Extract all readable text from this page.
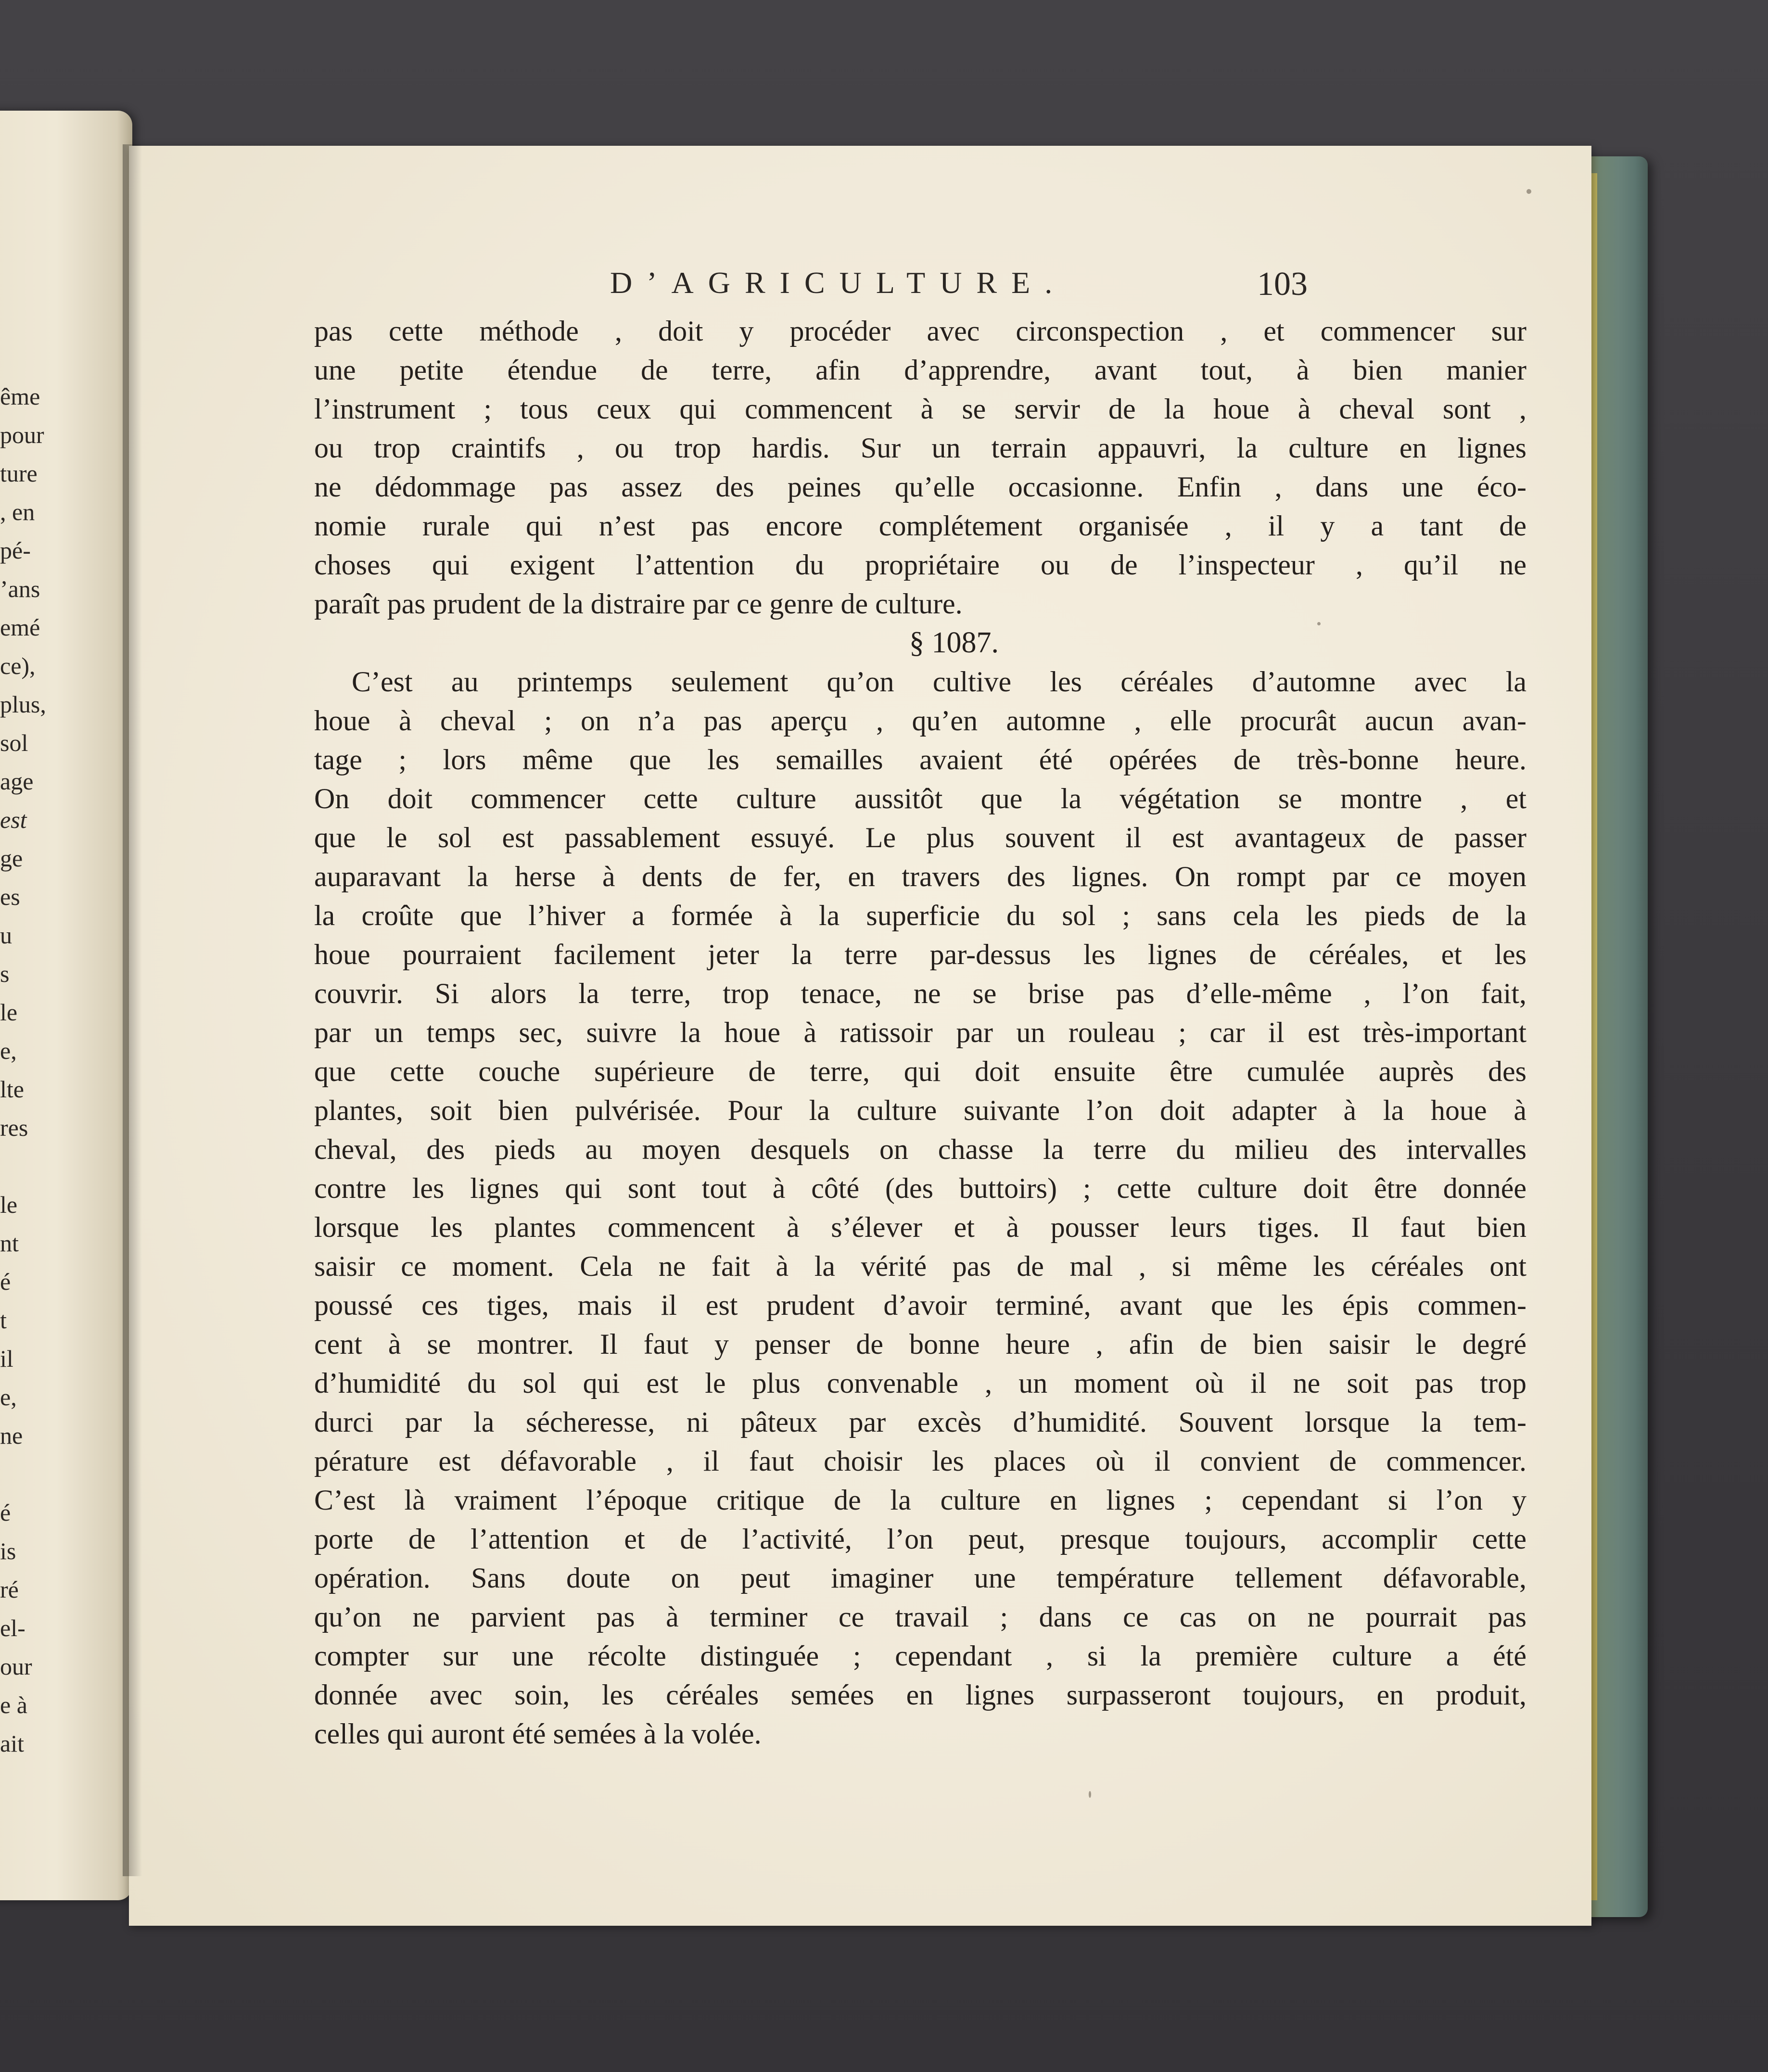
ême
pour
ture
, en
pé-
ʼans
emé
ce),
plus,
sol
age
est
ge
es
u
s
le
e,
lte
res
le
nt
é
t
il
e,
ne
é
is
ré
el-
our
e à
ait
D’AGRICULTURE.	103
pas cette méthode , doit y procéder avec circonspection , et commencer sur
une petite étendue de terre, afin d’apprendre, avant tout, à bien manier
l’instrument ; tous ceux qui commencent à se servir de la houe à cheval sont ,
ou trop craintifs , ou trop hardis. Sur un terrain appauvri, la culture en lignes
ne dédommage pas assez des peines qu’elle occasionne. Enfin , dans une éco-
nomie rurale qui n’est pas encore complétement organisée , il y a tant de
choses qui exigent l’attention du propriétaire ou de l’inspecteur , qu’il ne
paraît pas prudent de la distraire par ce genre de culture.
§ 1087.
C’est au printemps seulement qu’on cultive les céréales d’automne avec la
houe à cheval ; on n’a pas aperçu , qu’en automne , elle procurât aucun avan-
tage ; lors même que les semailles avaient été opérées de très-bonne heure.
On doit commencer cette culture aussitôt que la végétation se montre , et
que le sol est passablement essuyé. Le plus souvent il est avantageux de passer
auparavant la herse à dents de fer, en travers des lignes. On rompt par ce moyen
la croûte que l’hiver a formée à la superficie du sol ; sans cela les pieds de la
houe pourraient facilement jeter la terre par-dessus les lignes de céréales, et les
couvrir. Si alors la terre, trop tenace, ne se brise pas d’elle-même , l’on fait,
par un temps sec, suivre la houe à ratissoir par un rouleau ; car il est très-important
que cette couche supérieure de terre, qui doit ensuite être cumulée auprès des
plantes, soit bien pulvérisée. Pour la culture suivante l’on doit adapter à la houe à
cheval, des pieds au moyen desquels on chasse la terre du milieu des intervalles
contre les lignes qui sont tout à côté (des buttoirs) ; cette culture doit être donnée
lorsque les plantes commencent à s’élever et à pousser leurs tiges. Il faut bien
saisir ce moment. Cela ne fait à la vérité pas de mal , si même les céréales ont
poussé ces tiges, mais il est prudent d’avoir terminé, avant que les épis commen-
cent à se montrer. Il faut y penser de bonne heure , afin de bien saisir le degré
d’humidité du sol qui est le plus convenable , un moment où il ne soit pas trop
durci par la sécheresse, ni pâteux par excès d’humidité. Souvent lorsque la tem-
pérature est défavorable , il faut choisir les places où il convient de commencer.
C’est là vraiment l’époque critique de la culture en lignes ; cependant si l’on y
porte de l’attention et de l’activité, l’on peut, presque toujours, accomplir cette
opération. Sans doute on peut imaginer une température tellement défavorable,
qu’on ne parvient pas à terminer ce travail ; dans ce cas on ne pourrait pas
compter sur une récolte distinguée ; cependant , si la première culture a été
donnée avec soin, les céréales semées en lignes surpasseront toujours, en produit,
celles qui auront été semées à la volée.
